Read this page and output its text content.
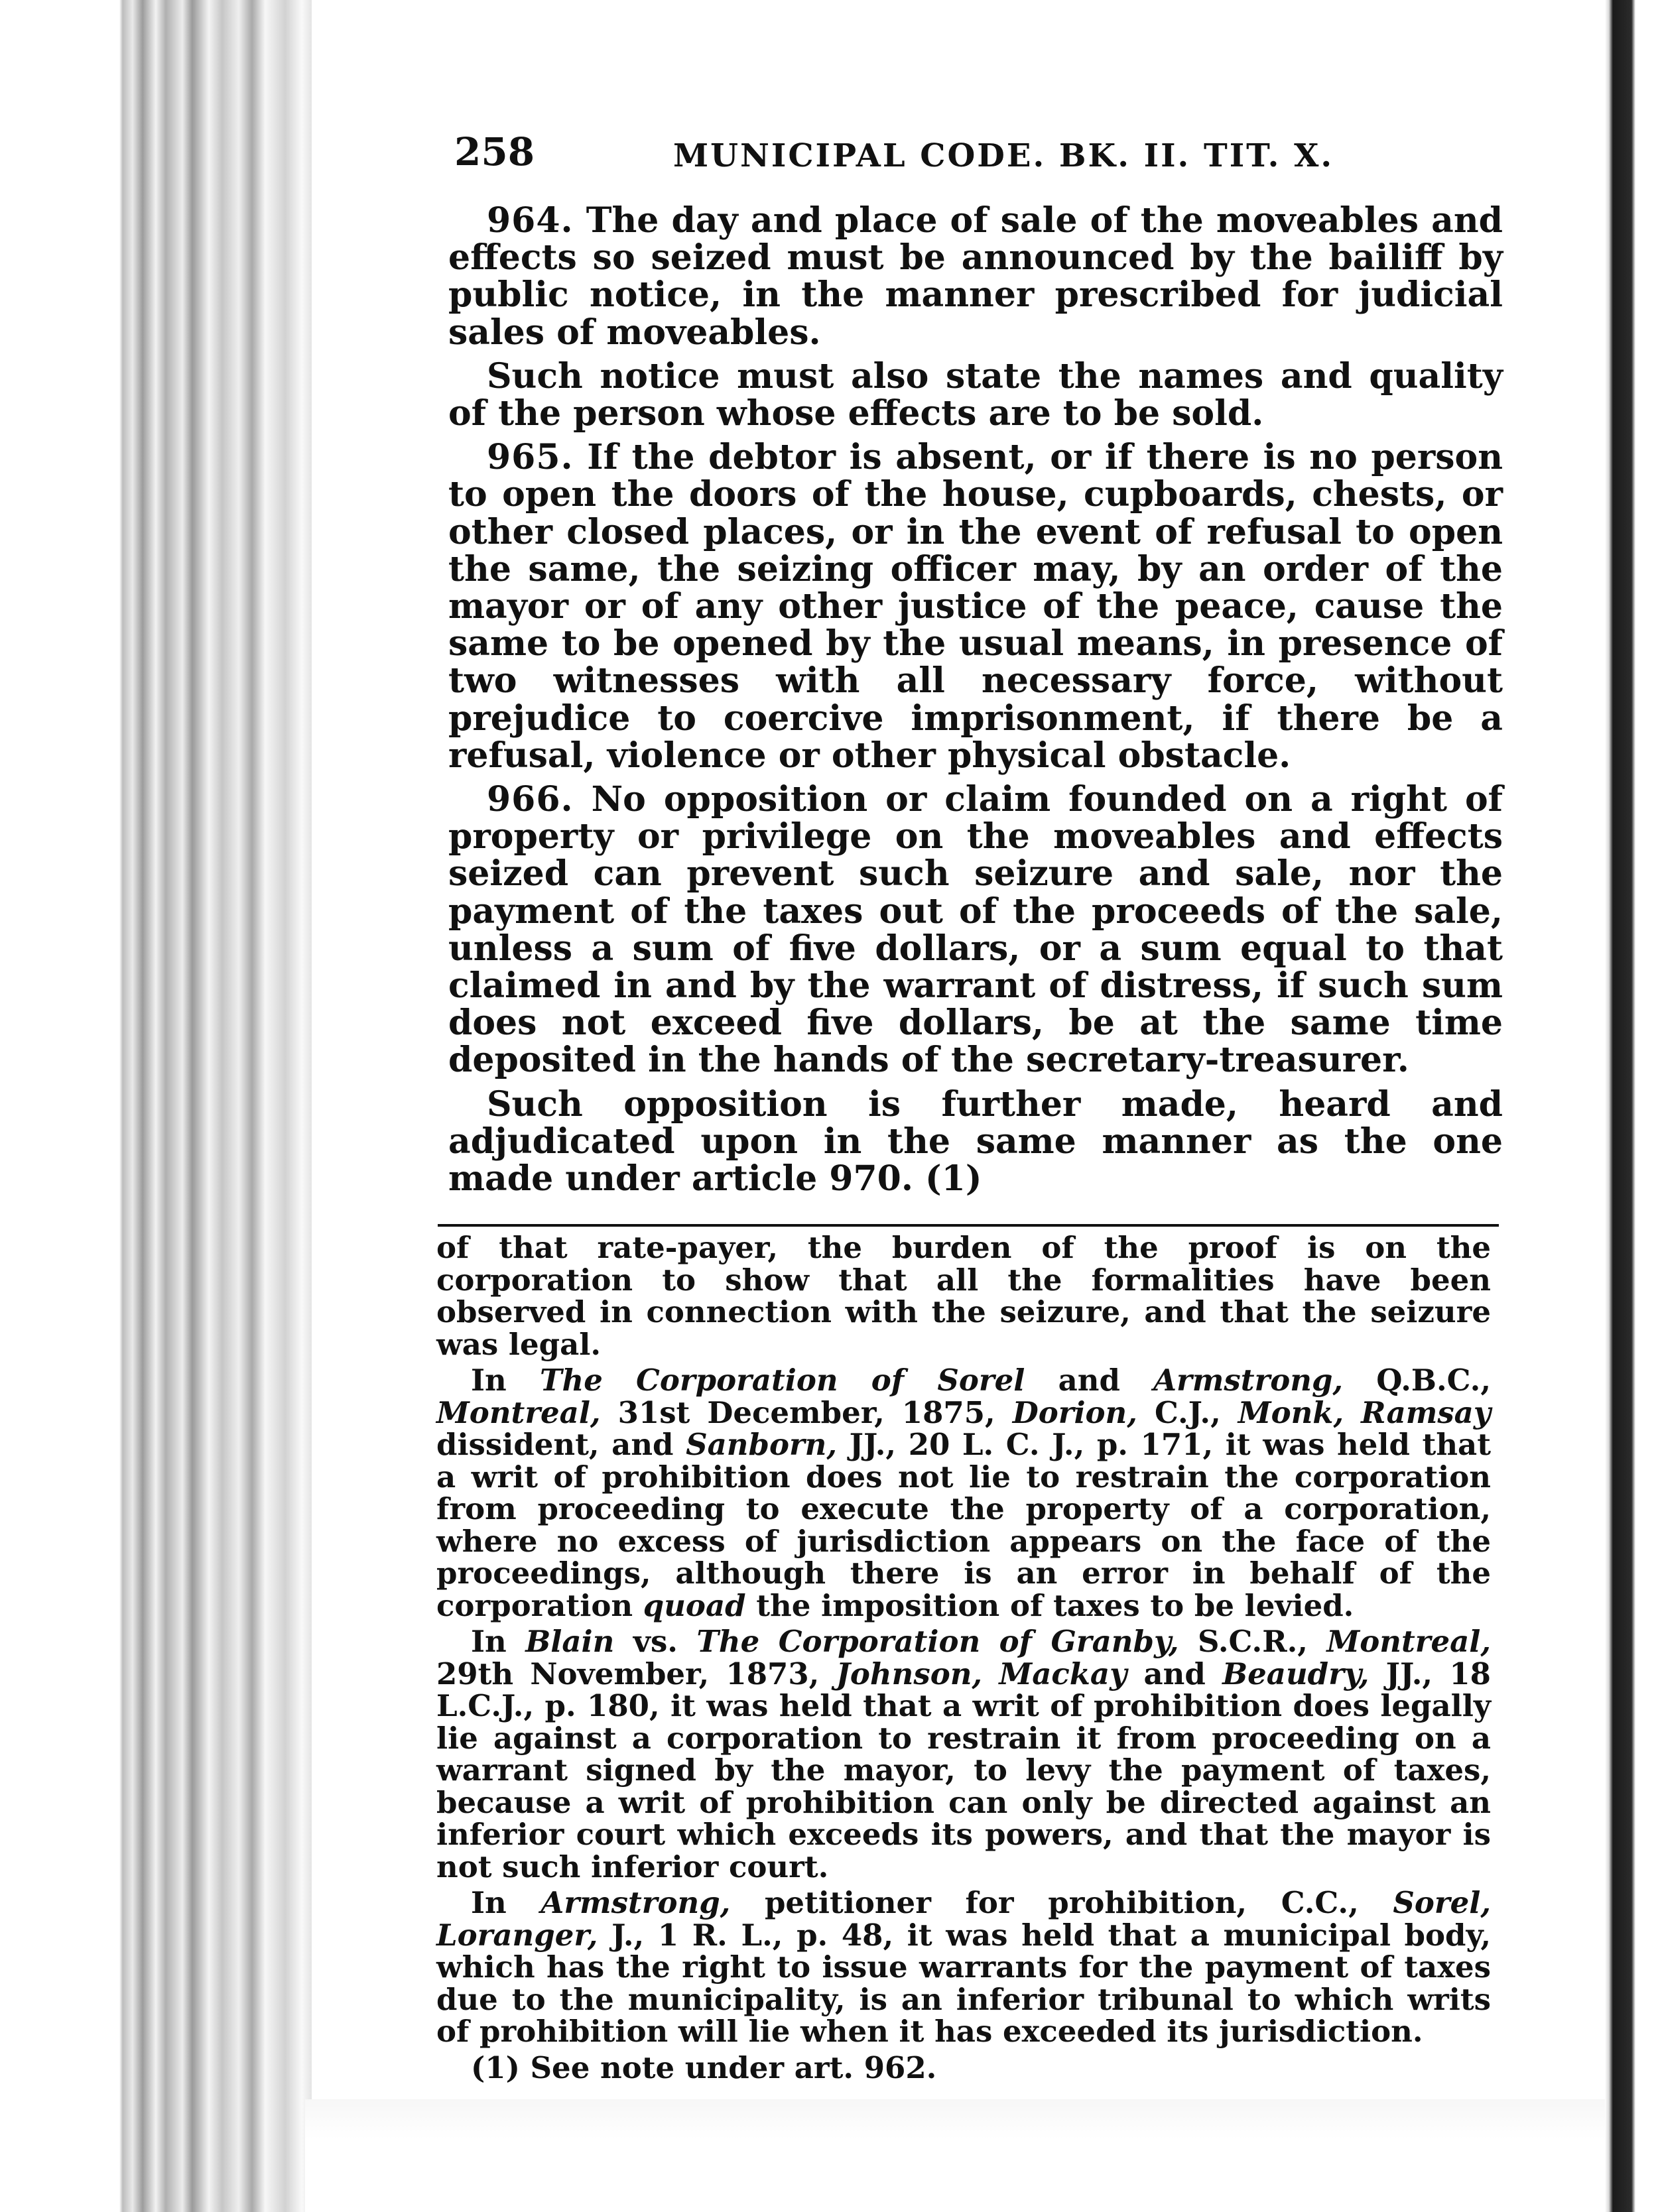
258	MUNICIPAL CODE. BK. II. TIT. X.

964. The day and place of sale of the moveables and effects so seized must be announced by the bailiff by public notice, in the manner prescribed for judicial sales of moveables.

Such notice must also state the names and quality of the person whose effects are to be sold.

965. If the debtor is absent, or if there is no person to open the doors of the house, cupboards, chests, or other closed places, or in the event of refusal to open the same, the seizing officer may, by an order of the mayor or of any other justice of the peace, cause the same to be opened by the usual means, in presence of two witnesses with all necessary force, without prejudice to coercive imprisonment, if there be a refusal, violence or other physical obstacle.

966. No opposition or claim founded on a right of property or privilege on the moveables and effects seized can prevent such seizure and sale, nor the payment of the taxes out of the proceeds of the sale, unless a sum of five dollars, or a sum equal to that claimed in and by the warrant of distress, if such sum does not exceed five dollars, be at the same time deposited in the hands of the secretary-treasurer.

Such opposition is further made, heard and adjudicated upon in the same manner as the one made under article 970. (1)

of that rate-payer, the burden of the proof is on the corporation to show that all the formalities have been observed in connection with the seizure, and that the seizure was legal.

In The Corporation of Sorel and Armstrong, Q.B.C., Montreal, 31st December, 1875, Dorion, C.J., Monk, Ramsay dissident, and Sanborn, JJ., 20 L. C. J., p. 171, it was held that a writ of prohibition does not lie to restrain the corporation from proceeding to execute the property of a corporation, where no excess of jurisdiction appears on the face of the proceedings, although there is an error in behalf of the corporation quoad the imposition of taxes to be levied.

In Blain vs. The Corporation of Granby, S.C.R., Montreal, 29th November, 1873, Johnson, Mackay and Beaudry, JJ., 18 L.C.J., p. 180, it was held that a writ of prohibition does legally lie against a corporation to restrain it from proceeding on a warrant signed by the mayor, to levy the payment of taxes, because a writ of prohibition can only be directed against an inferior court which exceeds its powers, and that the mayor is not such inferior court.

In Armstrong, petitioner for prohibition, C.C., Sorel, Loranger, J., 1 R. L., p. 48, it was held that a municipal body, which has the right to issue warrants for the payment of taxes due to the municipality, is an inferior tribunal to which writs of prohibition will lie when it has exceeded its jurisdiction.

(1) See note under art. 962.
